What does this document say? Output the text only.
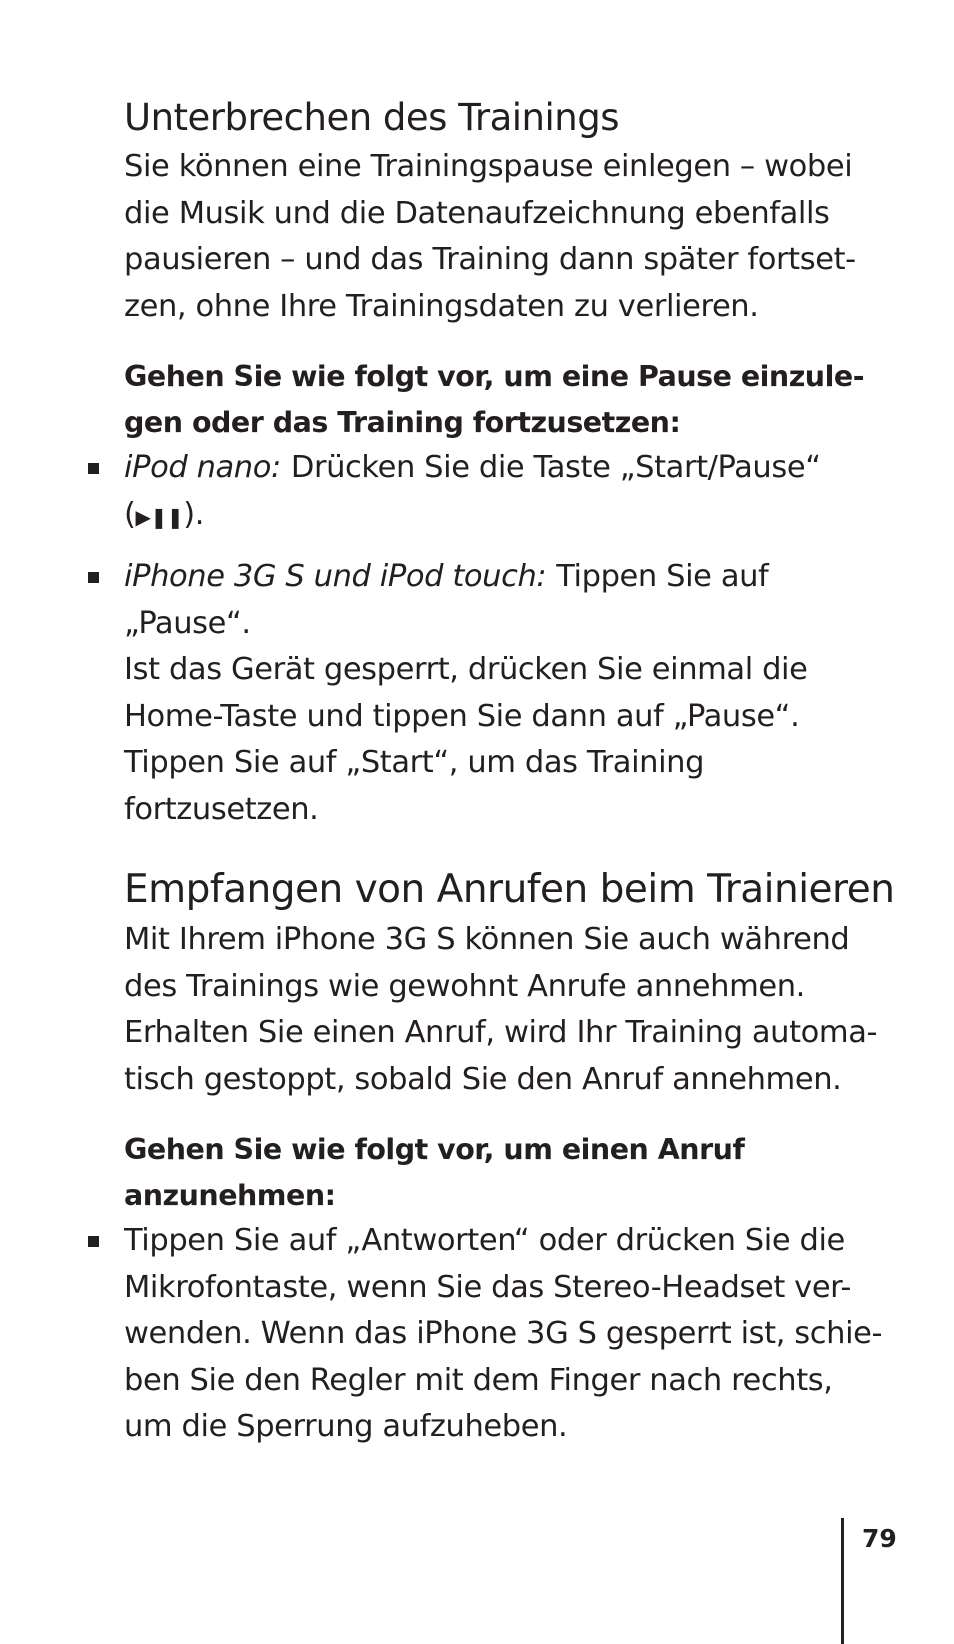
Unterbrechen des Trainings

Sie können eine Trainingspause einlegen – wobei
die Musik und die Datenaufzeichnung ebenfalls
pausieren – und das Training dann später fortset-
zen, ohne Ihre Trainingsdaten zu verlieren.

Gehen Sie wie folgt vor, um eine Pause einzule-
gen oder das Training fortzusetzen:

iPod nano: Drücken Sie die Taste „Start/Pause“ (▶❚❚).
iPhone 3G S und iPod touch: Tippen Sie auf „Pause“.
Ist das Gerät gesperrt, drücken Sie einmal die
Home-Taste und tippen Sie dann auf „Pause“.
Tippen Sie auf „Start“, um das Training fortzusetzen.
Empfangen von Anrufen beim Trainieren

Mit Ihrem iPhone 3G S können Sie auch während
des Trainings wie gewohnt Anrufe annehmen.
Erhalten Sie einen Anruf, wird Ihr Training automa-
tisch gestoppt, sobald Sie den Anruf annehmen.

Gehen Sie wie folgt vor, um einen Anruf
anzunehmen:

Tippen Sie auf „Antworten“ oder drücken Sie die
Mikrofontaste, wenn Sie das Stereo-Headset ver-
wenden. Wenn das iPhone 3G S gesperrt ist, schie-
ben Sie den Regler mit dem Finger nach rechts,
um die Sperrung aufzuheben.
79
